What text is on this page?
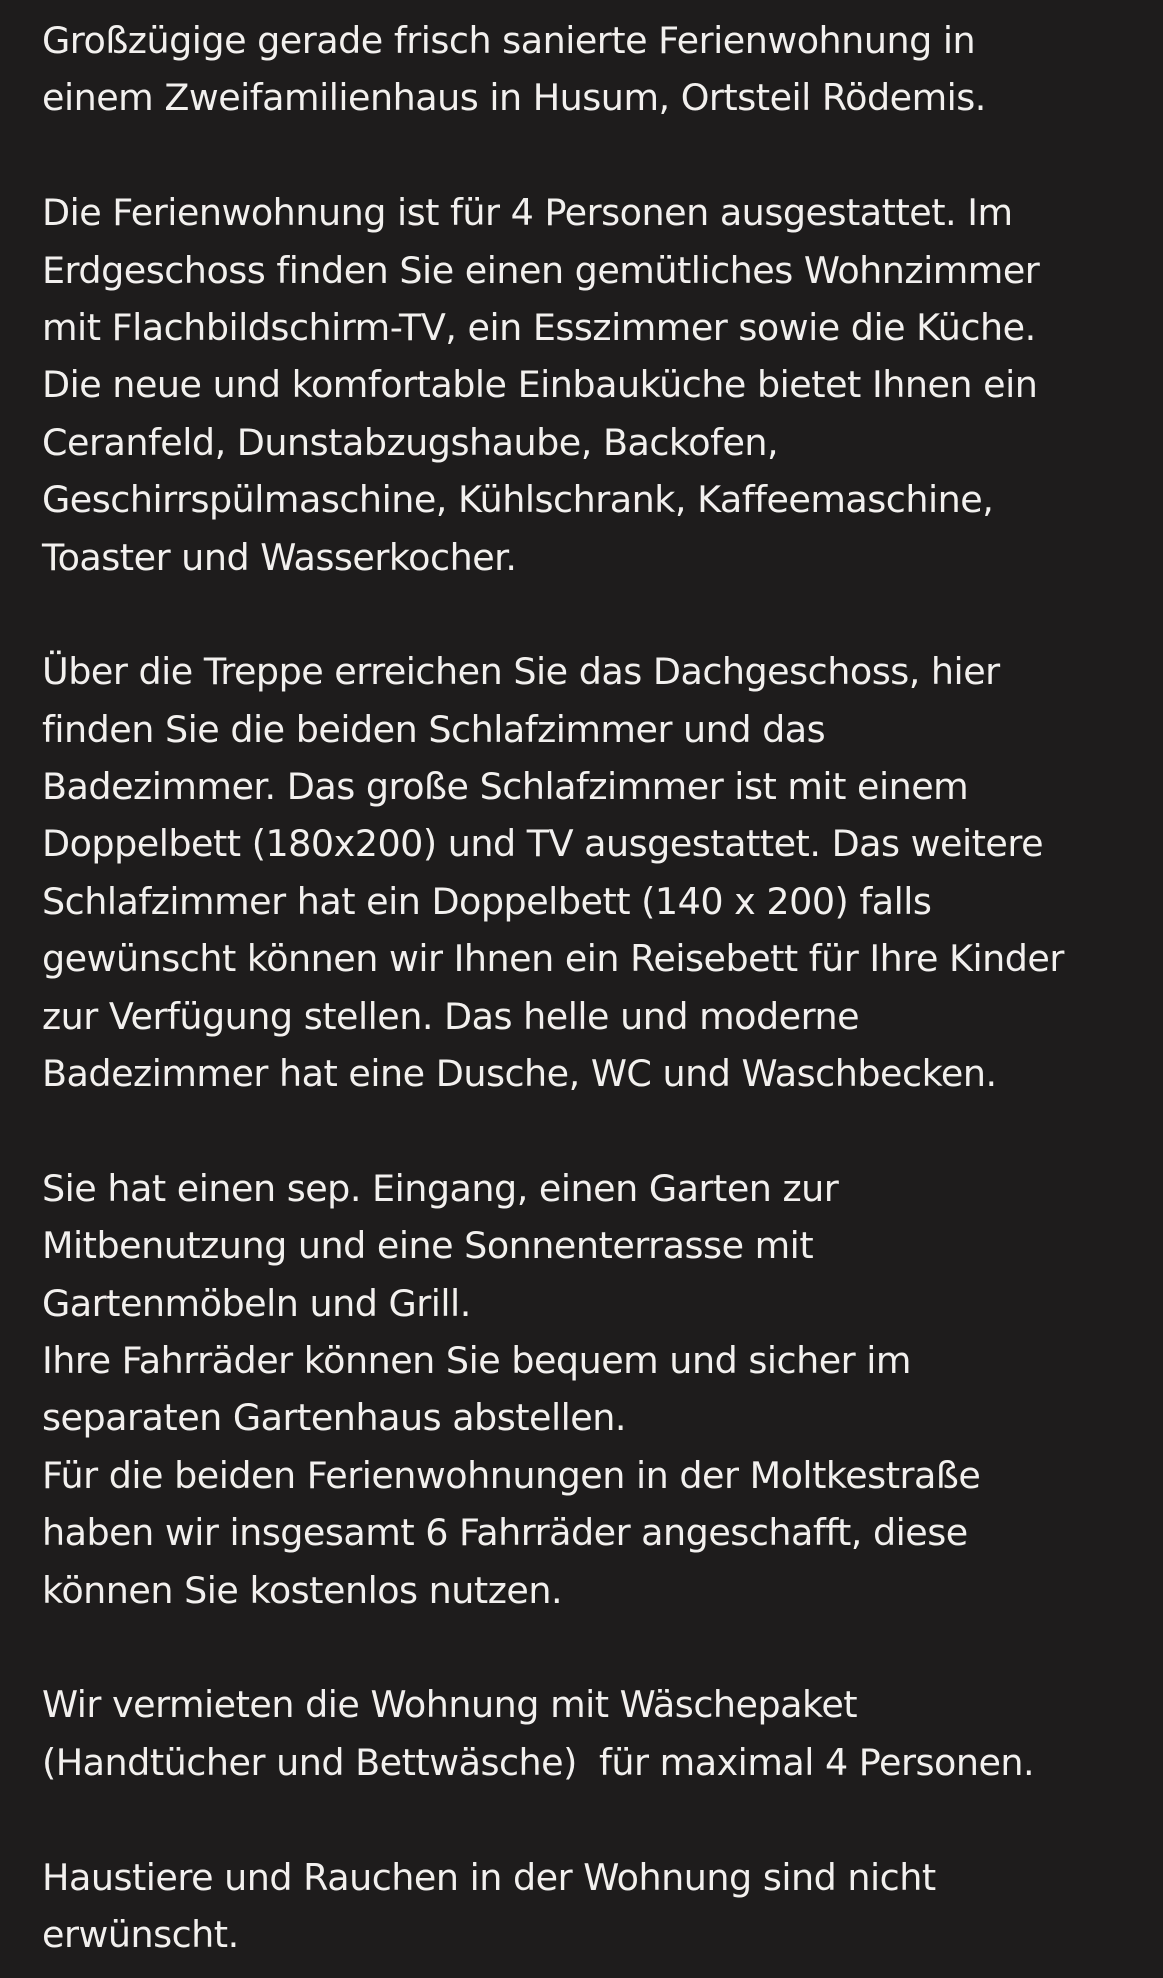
Großzügige gerade frisch sanierte Ferienwohnung in
einem Zweifamilienhaus in Husum, Ortsteil Rödemis.
Die Ferienwohnung ist für 4 Personen ausgestattet. Im
Erdgeschoss finden Sie einen gemütliches Wohnzimmer
mit Flachbildschirm-TV, ein Esszimmer sowie die Küche.
Die neue und komfortable Einbauküche bietet Ihnen ein
Ceranfeld, Dunstabzugshaube, Backofen,
Geschirrspülmaschine, Kühlschrank, Kaffeemaschine,
Toaster und Wasserkocher.
Über die Treppe erreichen Sie das Dachgeschoss, hier
finden Sie die beiden Schlafzimmer und das
Badezimmer. Das große Schlafzimmer ist mit einem
Doppelbett (180x200) und TV ausgestattet. Das weitere
Schlafzimmer hat ein Doppelbett (140 x 200) falls
gewünscht können wir Ihnen ein Reisebett für Ihre Kinder
zur Verfügung stellen. Das helle und moderne
Badezimmer hat eine Dusche, WC und Waschbecken.
Sie hat einen sep. Eingang, einen Garten zur
Mitbenutzung und eine Sonnenterrasse mit
Gartenmöbeln und Grill.
Ihre Fahrräder können Sie bequem und sicher im
separaten Gartenhaus abstellen.
Für die beiden Ferienwohnungen in der Moltkestraße
haben wir insgesamt 6 Fahrräder angeschafft, diese
können Sie kostenlos nutzen.
Wir vermieten die Wohnung mit Wäschepaket
(Handtücher und Bettwäsche)  für maximal 4 Personen.
Haustiere und Rauchen in der Wohnung sind nicht
erwünscht.
